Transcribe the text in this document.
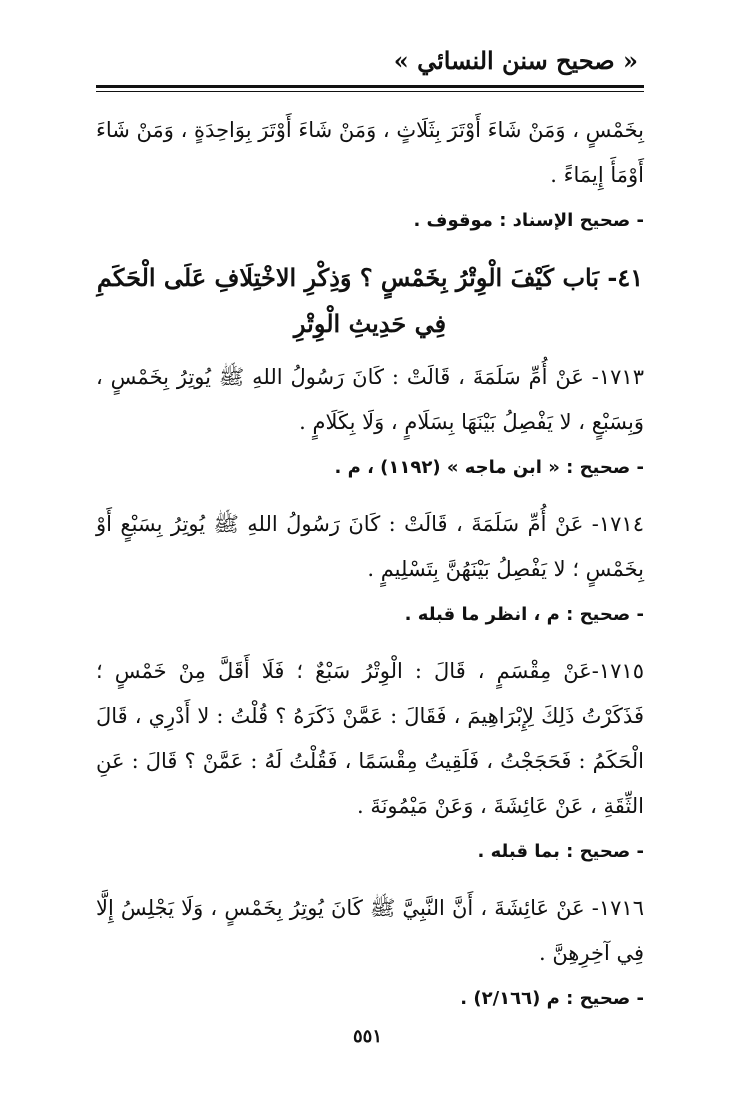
« صحيح سنن النسائي »

بِخَمْسٍ ، وَمَنْ شَاءَ أَوْتَرَ بِثَلَاثٍ ، وَمَنْ شَاءَ أَوْتَرَ بِوَاحِدَةٍ ، وَمَنْ شَاءَ أَوْمَأَ إِيمَاءً .

- صحيح الإسناد : موقوف .

٤١- بَاب كَيْفَ الْوِتْرُ بِخَمْسٍ ؟ وَذِكْرِ الاخْتِلَافِ عَلَى الْحَكَمِ فِي حَدِيثِ الْوِتْرِ

١٧١٣- عَنْ أُمِّ سَلَمَةَ ، قَالَتْ : كَانَ رَسُولُ اللهِ ﷺ يُوتِرُ بِخَمْسٍ ، وَبِسَبْعٍ ، لا يَفْصِلُ بَيْنَهَا بِسَلَامٍ ، وَلَا بِكَلَامٍ .

- صحيح : « ابن ماجه » (١١٩٢) ، م .

١٧١٤- عَنْ أُمِّ سَلَمَةَ ، قَالَتْ : كَانَ رَسُولُ اللهِ ﷺ يُوتِرُ بِسَبْعٍ أَوْ بِخَمْسٍ ؛ لا يَفْصِلُ بَيْنَهُنَّ بِتَسْلِيمٍ .

- صحيح : م ، انظر ما قبله .

١٧١٥-عَنْ مِقْسَمٍ ، قَالَ : الْوِتْرُ سَبْعٌ ؛ فَلَا أَقَلَّ مِنْ خَمْسٍ ؛ فَذَكَرْتُ ذَلِكَ لِإِبْرَاهِيمَ ، فَقَالَ : عَمَّنْ ذَكَرَهُ ؟ قُلْتُ : لا أَدْرِي ، قَالَ الْحَكَمُ : فَحَجَجْتُ ، فَلَقِيتُ مِقْسَمًا ، فَقُلْتُ لَهُ : عَمَّنْ ؟ قَالَ : عَنِ الثِّقَةِ ، عَنْ عَائِشَةَ ، وَعَنْ مَيْمُونَةَ .

- صحيح : بما قبله .

١٧١٦- عَنْ عَائِشَةَ ، أَنَّ النَّبِيَّ ﷺ كَانَ يُوتِرُ بِخَمْسٍ ، وَلَا يَجْلِسُ إِلَّا فِي آخِرِهِنَّ .

- صحيح : م (٢/١٦٦) .

٥٥١
